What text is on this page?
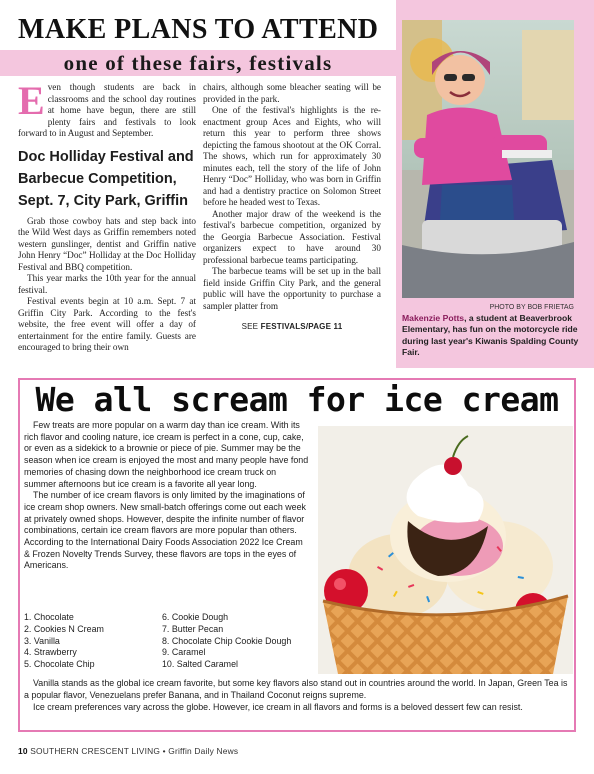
MAKE PLANS TO ATTEND
one of these fairs, festivals

Even though students are back in classrooms and the school day routines at home have begun, there are still plenty fairs and festivals to look forward to in August and September.

Doc Holliday Festival and Barbecue Competition, Sept. 7, City Park, Griffin

Grab those cowboy hats and step back into the Wild West days as Griffin remembers noted western gunslinger, dentist and Griffin native John Henry “Doc” Holliday at the Doc Holliday Festival and BBQ competition.

This year marks the 10th year for the annual festival.

Festival events begin at 10 a.m. Sept. 7 at Griffin City Park. According to the fest's website, the free event will offer a day of entertainment for the entire family. Guests are encouraged to bring their own

chairs, although some bleacher seating will be provided in the park.

One of the festival's highlights is the re-enactment group Aces and Eights, who will return this year to perform three shows depicting the famous shootout at the OK Corral. The shows, which run for approximately 30 minutes each, tell the story of the life of John Henry “Doc” Holliday, who was born in Griffin and had a dentistry practice on Solomon Street before he headed west to Texas.

Another major draw of the weekend is the festival's barbecue competition, organized by the Georgia Barbecue Association. Festival organizers expect to have around 30 professional barbecue teams participating.

The barbecue teams will be set up in the ball field inside Griffin City Park, and the general public will have the opportunity to purchase a sampler platter from

SEE FESTIVALS/PAGE 11
PHOTO BY BOB FRIETAG
Makenzie Potts, a student at Beaverbrook Elementary, has fun on the motorcycle ride during last year's Kiwanis Spalding County Fair.
We all scream for ice cream

Few treats are more popular on a warm day than ice cream. With its rich flavor and cooling nature, ice cream is perfect in a cone, cup, cake, or even as a sidekick to a brownie or piece of pie. Summer may be the season when ice cream is enjoyed the most and many people have fond memories of chasing down the neighborhood ice cream truck on summer afternoons but ice cream is a favorite all year long.

The number of ice cream flavors is only limited by the imaginations of ice cream shop owners. New small-batch offerings come out each week at privately owned shops. However, despite the infinite number of flavor combinations, certain ice cream flavors are more popular than others. According to the International Dairy Foods Association 2022 Ice Cream & Frozen Novelty Trends Survey, these flavors are tops in the eyes of Americans.

1. Chocolate
2. Cookies N Cream
3. Vanilla
4. Strawberry
5. Chocolate Chip
6. Cookie Dough
7. Butter Pecan
8. Chocolate Chip Cookie Dough
9. Caramel
10. Salted Caramel

Vanilla stands as the global ice cream favorite, but some key flavors also stand out in countries around the world. In Japan, Green Tea is a popular flavor, Venezuelans prefer Banana, and in Thailand Coconut reigns supreme.

Ice cream preferences vary across the globe. However, ice cream in all flavors and forms is a beloved dessert few can resist.

10 SOUTHERN CRESCENT LIVING • Griffin Daily News
